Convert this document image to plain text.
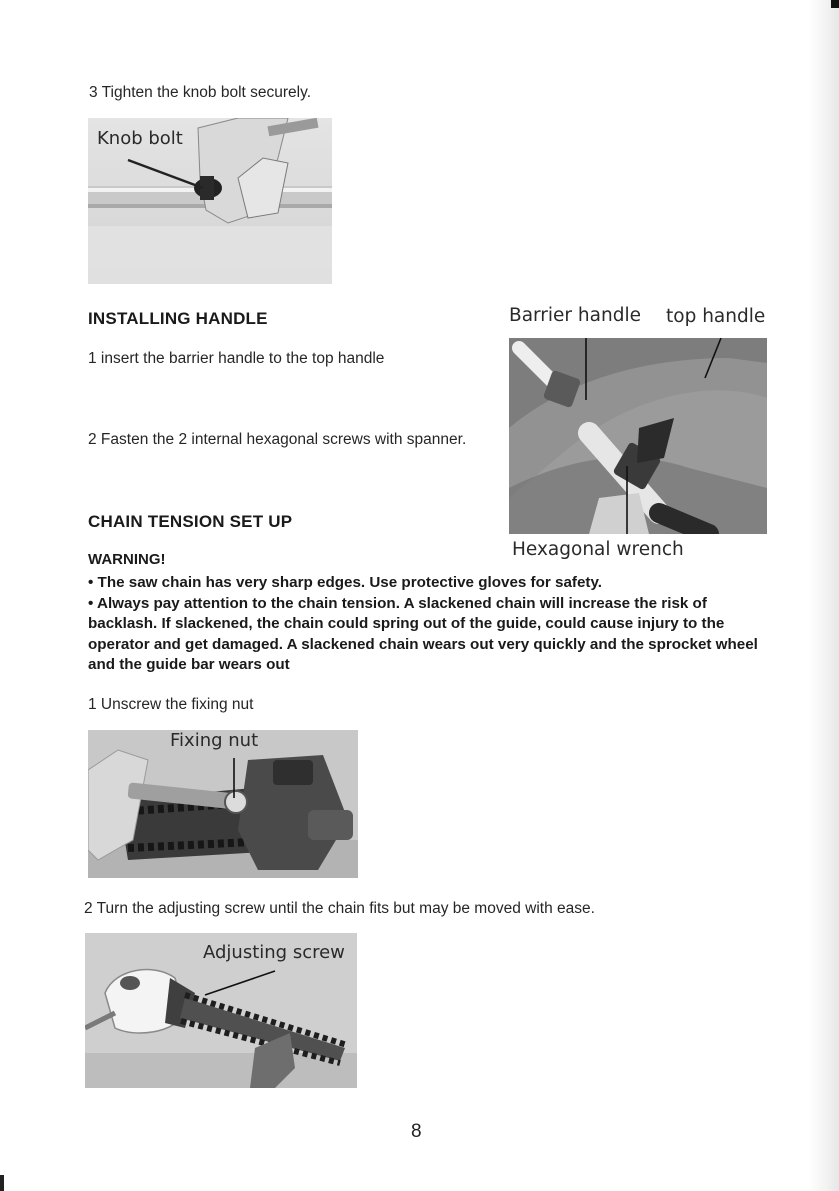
3 Tighten the knob bolt securely.
Knob bolt
INSTALLING HANDLE
1 insert the barrier handle to the top handle
2 Fasten the 2 internal hexagonal screws with spanner.
Barrier handle top handle
Hexagonal wrench
CHAIN TENSION SET UP
WARNING!

• The saw chain has very sharp edges. Use protective gloves for safety.

• Always pay attention to the chain tension. A slackened chain will increase the risk of backlash. If slackened, the chain could spring out of the guide, could cause injury to the operator and get damaged. A slackened chain wears out very quickly and the sprocket wheel and the guide bar wears out

1 Unscrew the fixing nut
Fixing nut
2 Turn the adjusting screw until the chain fits but may be moved with ease.
Adjusting screw
8
